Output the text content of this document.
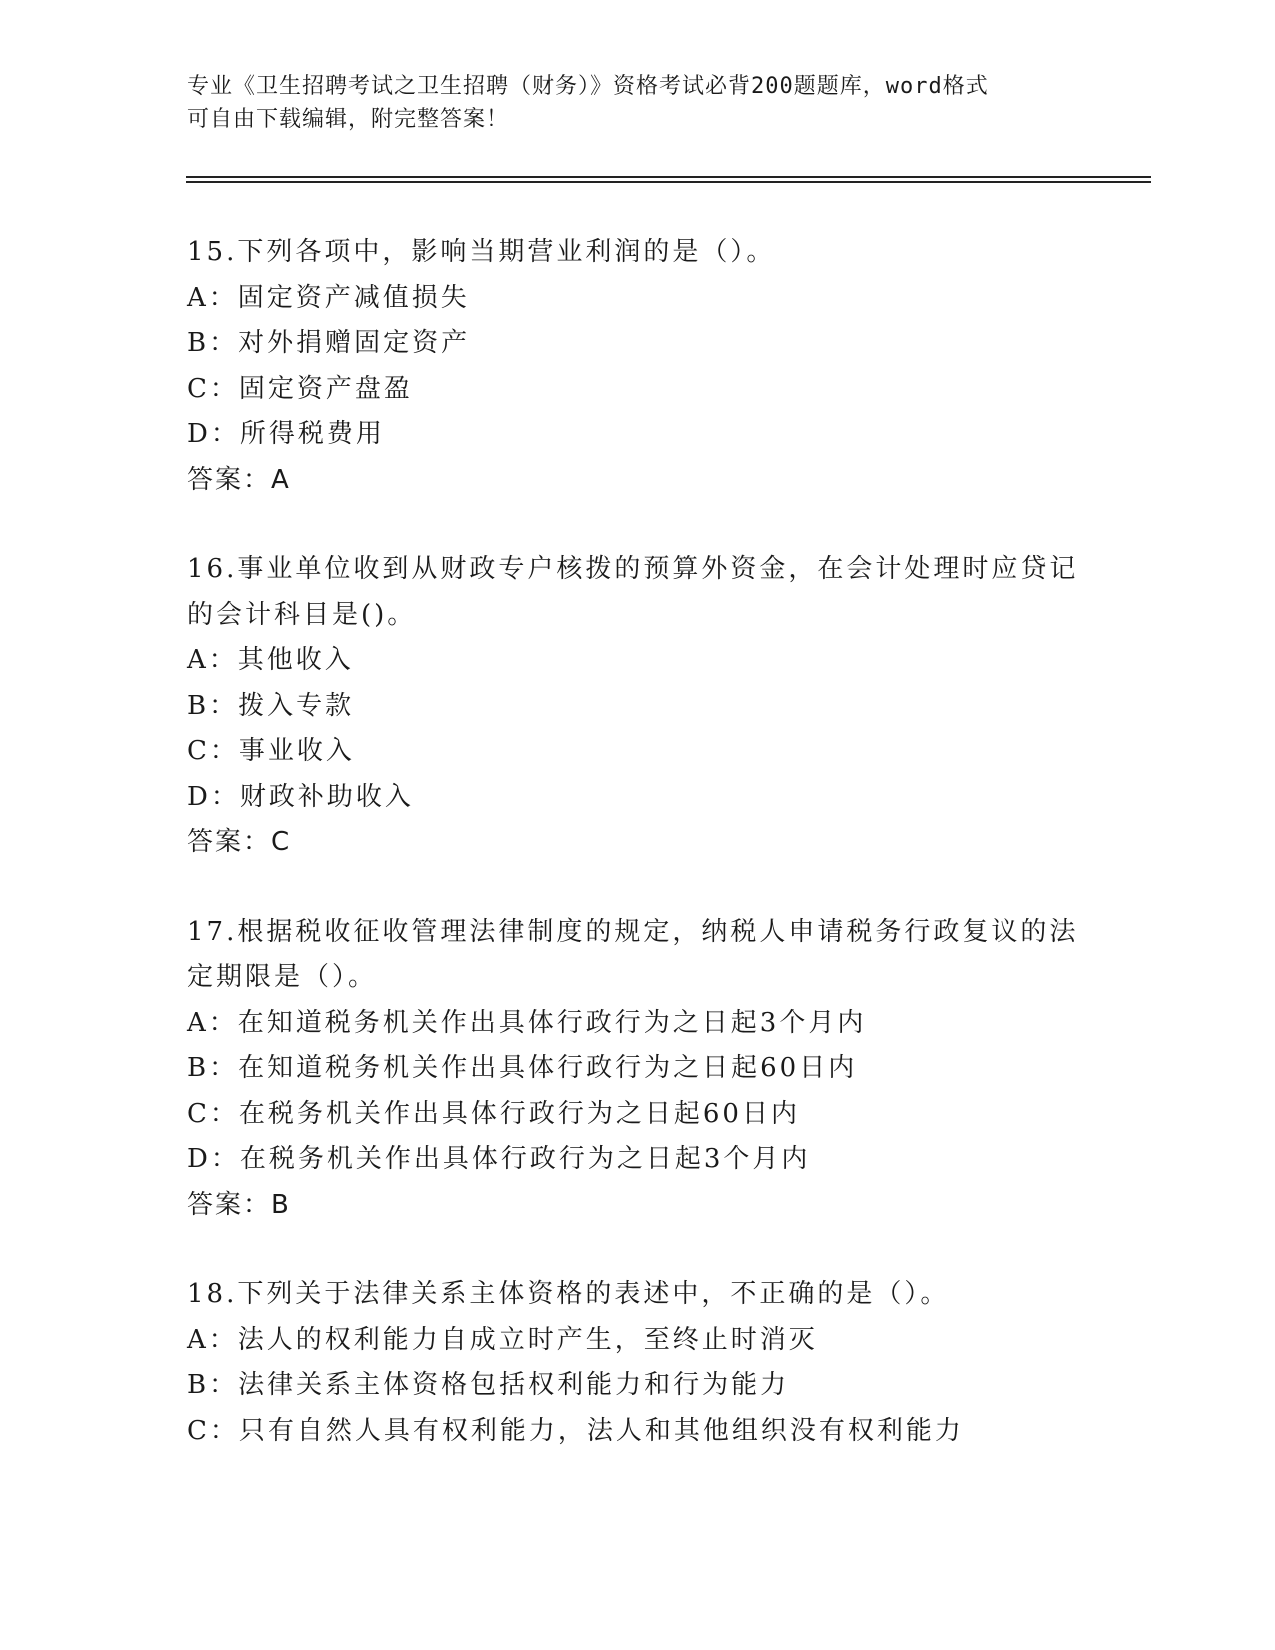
专业《卫生招聘考试之卫生招聘（财务）》资格考试必背200题题库，word格式
可自由下载编辑，附完整答案！
15.下列各项中，影响当期营业利润的是（）。
A：固定资产减值损失
B：对外捐赠固定资产
C：固定资产盘盈
D：所得税费用
答案：A
16.事业单位收到从财政专户核拨的预算外资金，在会计处理时应贷记
的会计科目是()。
A：其他收入
B：拨入专款
C：事业收入
D：财政补助收入
答案：C
17.根据税收征收管理法律制度的规定，纳税人申请税务行政复议的法
定期限是（）。
A：在知道税务机关作出具体行政行为之日起3个月内
B：在知道税务机关作出具体行政行为之日起60日内
C：在税务机关作出具体行政行为之日起60日内
D：在税务机关作出具体行政行为之日起3个月内
答案：B
18.下列关于法律关系主体资格的表述中，不正确的是（）。
A：法人的权利能力自成立时产生，至终止时消灭
B：法律关系主体资格包括权利能力和行为能力
C：只有自然人具有权利能力，法人和其他组织没有权利能力
